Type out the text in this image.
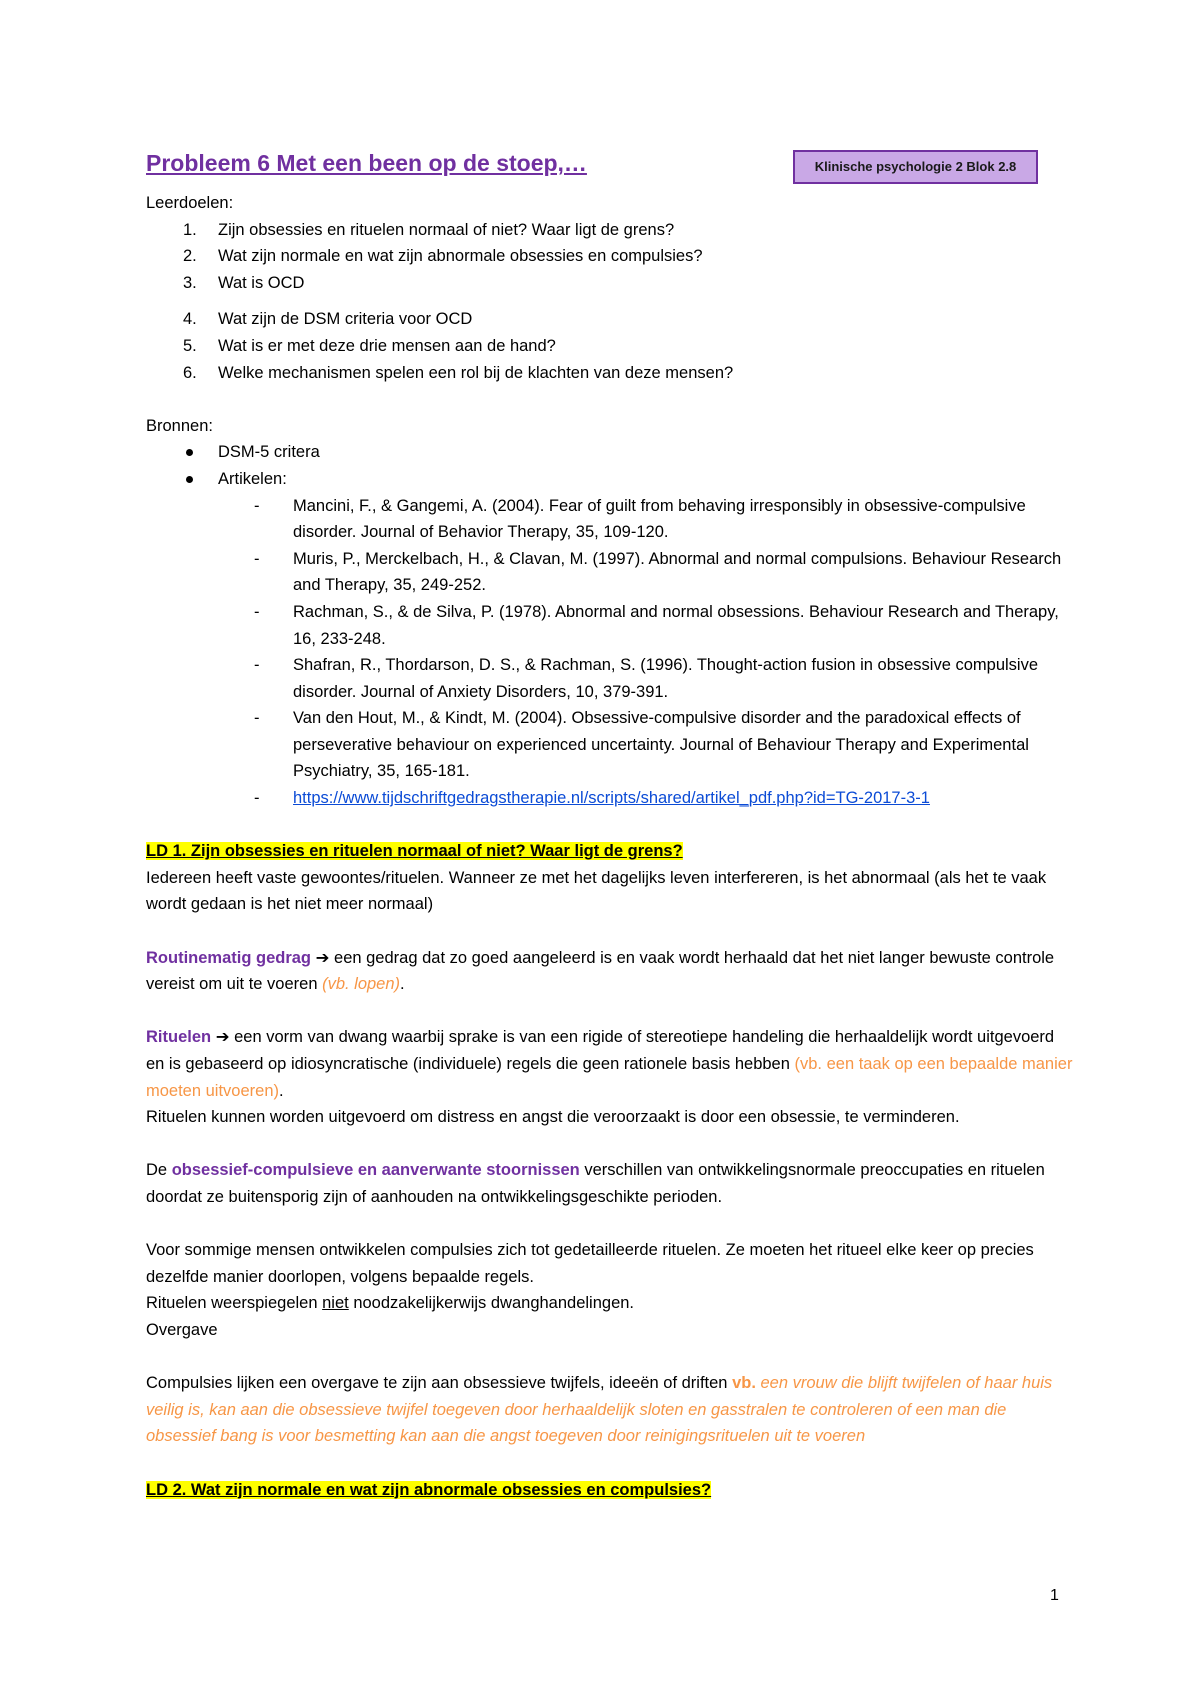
Klinische psychologie 2 Blok 2.8
Probleem 6 Met een been op de stoep,…

Leerdoelen:

1. Zijn obsessies en rituelen normaal of niet? Waar ligt de grens?
2. Wat zijn normale en wat zijn abnormale obsessies en compulsies?
3. Wat is OCD
4. Wat zijn de DSM criteria voor OCD
5. Wat is er met deze drie mensen aan de hand?
6. Welke mechanismen spelen een rol bij de klachten van deze mensen?

Bronnen:

DSM-5 critera
Artikelen:
- Mancini, F., & Gangemi, A. (2004). Fear of guilt from behaving irresponsibly in obsessive-compulsive disorder. Journal of Behavior Therapy, 35, 109-120.
- Muris, P., Merckelbach, H., & Clavan, M. (1997). Abnormal and normal compulsions. Behaviour Research and Therapy, 35, 249-252.
- Rachman, S., & de Silva, P. (1978). Abnormal and normal obsessions. Behaviour Research and Therapy, 16, 233-248.
- Shafran, R., Thordarson, D. S., & Rachman, S. (1996). Thought-action fusion in obsessive compulsive disorder. Journal of Anxiety Disorders, 10, 379-391.
- Van den Hout, M., & Kindt, M. (2004). Obsessive-compulsive disorder and the paradoxical effects of perseverative behaviour on experienced uncertainty. Journal of Behaviour Therapy and Experimental Psychiatry, 35, 165-181.
- https://www.tijdschriftgedragstherapie.nl/scripts/shared/artikel_pdf.php?id=TG-2017-3-1

LD 1. Zijn obsessies en rituelen normaal of niet? Waar ligt de grens?

Iedereen heeft vaste gewoontes/rituelen. Wanneer ze met het dagelijks leven interfereren, is het abnormaal (als het te vaak wordt gedaan is het niet meer normaal)

Routinematig gedrag ➔ een gedrag dat zo goed aangeleerd is en vaak wordt herhaald dat het niet langer bewuste controle vereist om uit te voeren (vb. lopen).

Rituelen ➔ een vorm van dwang waarbij sprake is van een rigide of stereotiepe handeling die herhaaldelijk wordt uitgevoerd en is gebaseerd op idiosyncratische (individuele) regels die geen rationele basis hebben (vb. een taak op een bepaalde manier moeten uitvoeren).

Rituelen kunnen worden uitgevoerd om distress en angst die veroorzaakt is door een obsessie, te verminderen.

De obsessief-compulsieve en aanverwante stoornissen verschillen van ontwikkelingsnormale preoccupaties en rituelen doordat ze buitensporig zijn of aanhouden na ontwikkelingsgeschikte perioden.

Voor sommige mensen ontwikkelen compulsies zich tot gedetailleerde rituelen. Ze moeten het ritueel elke keer op precies dezelfde manier doorlopen, volgens bepaalde regels.

Rituelen weerspiegelen niet noodzakelijkerwijs dwanghandelingen.

Overgave

Compulsies lijken een overgave te zijn aan obsessieve twijfels, ideeën of driften vb. een vrouw die blijft twijfelen of haar huis veilig is, kan aan die obsessieve twijfel toegeven door herhaaldelijk sloten en gasstralen te controleren of een man die obsessief bang is voor besmetting kan aan die angst toegeven door reinigingsrituelen uit te voeren

LD 2. Wat zijn normale en wat zijn abnormale obsessies en compulsies?

1
